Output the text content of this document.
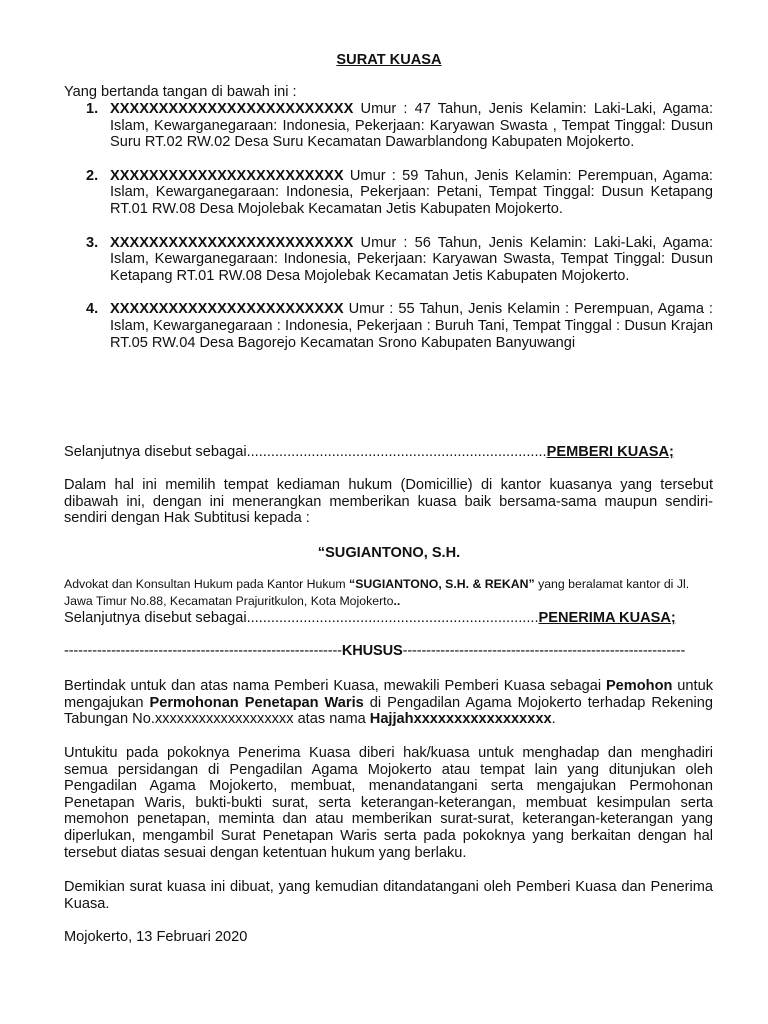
SURAT KUASA
Yang bertanda tangan di bawah ini :
1. XXXXXXXXXXXXXXXXXXXXXXXXX Umur : 47 Tahun, Jenis Kelamin: Laki-Laki, Agama: Islam, Kewarganegaraan: Indonesia, Pekerjaan: Karyawan Swasta , Tempat Tinggal: Dusun Suru RT.02 RW.02 Desa Suru Kecamatan Dawarblandong Kabupaten Mojokerto.
2. XXXXXXXXXXXXXXXXXXXXXXXX Umur : 59 Tahun, Jenis Kelamin: Perempuan, Agama: Islam, Kewarganegaraan: Indonesia, Pekerjaan: Petani, Tempat Tinggal: Dusun Ketapang RT.01 RW.08 Desa Mojolebak Kecamatan Jetis Kabupaten Mojokerto.
3. XXXXXXXXXXXXXXXXXXXXXXXXX Umur : 56 Tahun, Jenis Kelamin: Laki-Laki, Agama: Islam, Kewarganegaraan: Indonesia, Pekerjaan: Karyawan Swasta, Tempat Tinggal: Dusun Ketapang RT.01 RW.08 Desa Mojolebak Kecamatan Jetis Kabupaten Mojokerto.
4. XXXXXXXXXXXXXXXXXXXXXXXX Umur : 55 Tahun, Jenis Kelamin : Perempuan, Agama : Islam, Kewarganegaraan : Indonesia, Pekerjaan : Buruh Tani, Tempat Tinggal : Dusun Krajan RT.05 RW.04 Desa Bagorejo Kecamatan Srono Kabupaten Banyuwangi
Selanjutnya disebut sebagai..........................................................................PEMBERI KUASA;
Dalam hal ini memilih tempat kediaman hukum (Domicillie) di kantor kuasanya yang tersebut dibawah ini, dengan ini menerangkan memberikan kuasa baik bersama-sama maupun sendiri-sendiri dengan Hak Subtitusi kepada :
“SUGIANTONO, S.H.
Advokat dan Konsultan Hukum pada Kantor Hukum “SUGIANTONO, S.H. & REKAN” yang beralamat kantor di Jl. Jawa Timur No.88, Kecamatan Prajuritkulon, Kota Mojokerto..
Selanjutnya disebut sebagai........................................................................PENERIMA KUASA;
-----------------------------------------------------------KHUSUS------------------------------------------------------------
Bertindak untuk dan atas nama Pemberi Kuasa, mewakili Pemberi Kuasa sebagai Pemohon untuk mengajukan Permohonan Penetapan Waris di Pengadilan Agama Mojokerto terhadap Rekening Tabungan No.xxxxxxxxxxxxxxxxxxx atas nama Hajjahxxxxxxxxxxxxxxxxx.
Untukitu pada pokoknya Penerima Kuasa diberi hak/kuasa untuk menghadap dan menghadiri semua persidangan di Pengadilan Agama Mojokerto atau tempat lain yang ditunjukan oleh Pengadilan Agama Mojokerto, membuat, menandatangani serta mengajukan Permohonan Penetapan Waris, bukti-bukti surat, serta keterangan-keterangan, membuat kesimpulan serta memohon penetapan, meminta dan atau memberikan surat-surat, keterangan-keterangan yang diperlukan, mengambil Surat Penetapan Waris serta pada pokoknya yang berkaitan dengan hal tersebut diatas sesuai dengan ketentuan hukum yang berlaku.
Demikian surat kuasa ini dibuat, yang kemudian ditandatangani oleh Pemberi Kuasa dan Penerima Kuasa.
Mojokerto, 13 Februari 2020
